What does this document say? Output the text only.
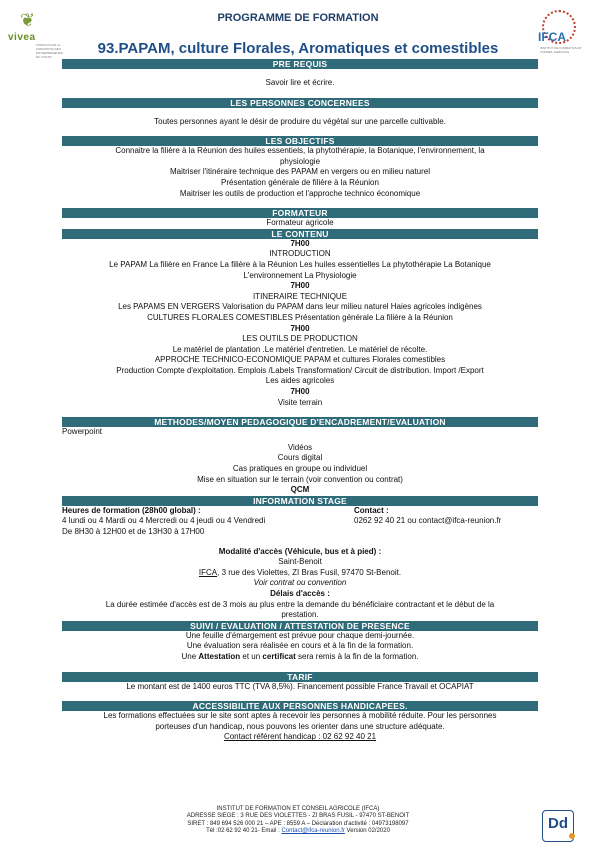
❦
vivea
FONDS POUR LA FORMATION DES ENTREPRENEURS DU VIVANT
PROGRAMME DE FORMATION
IFCA
INSTITUT DE FORMATION ET CONSEIL AGRICOLE
93.PAPAM, culture Florales, Aromatiques et comestibles
PRE REQUIS

Savoir lire et écrire.

LES PERSONNES CONCERNEES

Toutes personnes ayant le désir de produire du végétal sur une parcelle cultivable.

LES OBJECTIFS

Connaitre la filière à la Réunion des huiles essentiels, la phytothérapie, la Botanique, l'environnement, la

physiologie

Maitriser l'itinéraire technique des PAPAM en vergers ou en milieu naturel

Présentation générale de filière à la Réunion

Maitriser les outils de production et l'approche technico économique

FORMATEUR

Formateur agricole

LE CONTENU

7H00

INTRODUCTION

Le PAPAM La filière en France La filière à la Réunion Les huiles essentielles La phytothérapie La Botanique

L'environnement La Physiologie

7H00

ITINERAIRE TECHNIQUE

Les PAPAMS EN VERGERS Valorisation du PAPAM dans leur milieu naturel Haies agricoles indigènes

CULTURES FLORALES COMESTIBLES Présentation générale La filière à la Réunion

7H00

LES OUTILS DE PRODUCTION

Le matériel de plantation .Le matériel d'entretien. Le matériel de récolte.

APPROCHE TECHNICO-ECONOMIQUE PAPAM et cultures Florales comestibles

Production Compte d'exploitation. Emplois /Labels Transformation/ Circuit de distribution. Import /Export

Les aides agricoles

7H00

Visite terrain

METHODES/MOYEN PEDAGOGIQUE D'ENCADREMENT/EVALUATION

Powerpoint

Vidéos

Cours digital

Cas pratiques en groupe ou individuel

Mise en situation sur le terrain (voir convention ou contrat)

QCM

INFORMATION STAGE
Heures de formation (28h00 global) :
4 lundi ou 4 Mardi ou 4 Mercredi ou 4 jeudi ou 4 Vendredi
De 8H30 à 12H00 et de 13H30 à 17H00
Contact :
0262 92 40 21 ou contact@ifca-reunion.fr

Modalité d'accès (Véhicule, bus et à pied) :

Saint-Benoit

IFCA, 3 rue des Violettes, ZI Bras Fusil, 97470 St-Benoit.

Voir contrat ou convention

Délais d'accès :

La durée estimée d'accès est de 3 mois au plus entre la demande du bénéficiaire contractant et le début de la

prestation.

SUIVI / EVALUATION / ATTESTATION DE PRESENCE

Une feuille d'émargement est prévue pour chaque demi-journée.

Une évaluation sera réalisée en cours et à la fin de la formation.

Une Attestation et un certificat sera remis à la fin de la formation.

TARIF

Le montant est de 1400 euros TTC (TVA 8,5%). Financement possible France Travail et OCAPIAT

ACCESSIBILITE AUX PERSONNES HANDICAPEES.

Les formations effectuées sur le site sont aptes à recevoir les personnes à mobilité réduite. Pour les personnes

porteuses d'un handicap, nous pouvons les orienter dans une structure adéquate.

Contact référent handicap : 02 62 92 40 21

INSTITUT DE FORMATION ET CONSEIL AGRICOLE (IFCA)
ADRESSE SIEGE : 3 RUE DES VIOLETTES - ZI BRAS FUSIL - 97470 ST-BENOIT
SIRET : 849 694 526 000 21 – APE : 8559 A – Déclaration d'activité : 04973198097
Tél :02 62 92 40 21- Email : Contact@ifca-reunion.fr Version 02/2020	Dd
